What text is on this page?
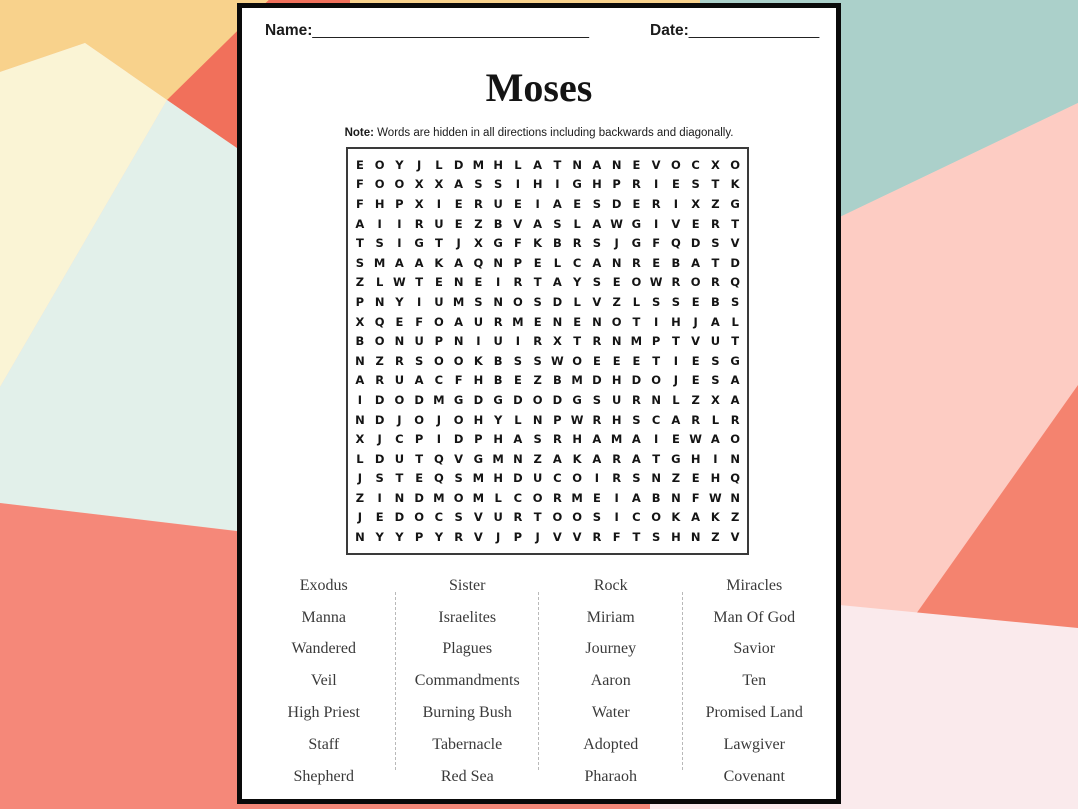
Name:__________________________________	Date:________________
Moses
Note: Words are hidden in all directions including backwards and diagonally.
E O Y	J	L D M H L	A T N A N E V O C X O
F O O X X A S S	I	H	I	G H P R	I	E	S	T K
F H P X	I	E R U E	I	A E	S D E R	I	X Z G
A	I	I	R U E	Z B V A S	L	A W G	I	V E R T
T	S	I	G T	J	X G F K B R S	J	G F Q D S V
S M A A K A Q N P	E	L	C A N R E B A T D
Z	L W T	E N E	I	R T A Y S	E O W R O R Q
P N Y	I	U M S N O S D L	V Z	L	S S	E B S
X Q E	F O A U R M E N E N O T	I	H	J	A	L
B O N U P N	I	U	I	R X T R N M P	T V U T
N Z R S O O K B S S W O E	E	E	T	I	E	S G
A R U A C	F H B E	Z B M D H D O	J	E	S A
I	D O D M G D G D O D G S U R N L	Z X A
N D	J	O	J	O H Y	L N P W R H S C A R	L	R
X	J	C P	I	D P H A S R H A M A	I	E W A O
L D U T Q V G M N Z A K A R A T G H	I	N
J	S	T	E Q S M H D U C O	I	R S N Z	E H Q
Z	I	N D M O M L	C O R M E	I	A B N F W N
J	E D O C S V U R T O O S	I	C O K A K Z
N Y Y P Y R V	J	P	J	V V R F	T	S H N Z V
Exodus
Manna
Wandered
Veil
High Priest
Staff
Shepherd
Sister
Israelites
Plagues
Commandments
Burning Bush
Tabernacle
Red Sea
Rock
Miriam
Journey
Aaron
Water
Adopted
Pharaoh
Miracles
Man Of God
Savior
Ten
Promised Land
Lawgiver
Covenant
